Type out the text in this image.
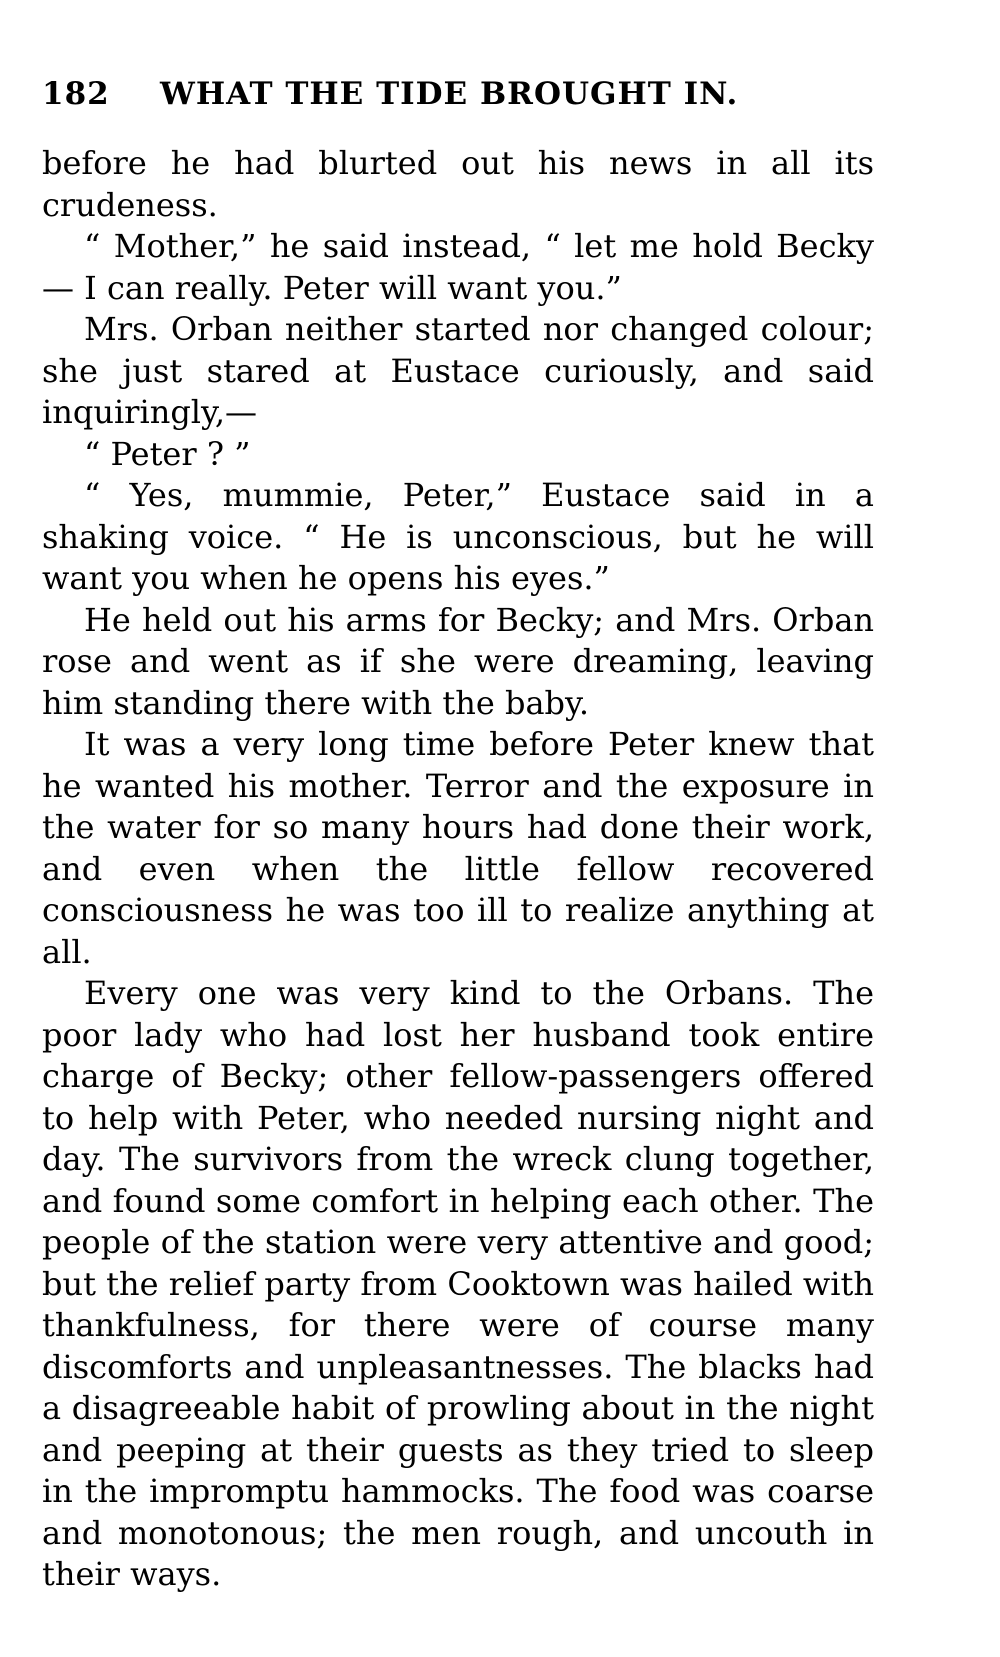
182 WHAT THE TIDE BROUGHT IN.

before he had blurted out his news in all its crudeness.

“ Mother,” he said instead, “ let me hold Becky— I can really. Peter will want you.”

Mrs. Orban neither started nor changed colour; she just stared at Eustace curiously, and said inquiringly,—

“ Peter ? ”

“ Yes, mummie, Peter,” Eustace said in a shaking voice. “ He is unconscious, but he will want you when he opens his eyes.”

He held out his arms for Becky; and Mrs. Orban rose and went as if she were dreaming, leaving him standing there with the baby.

It was a very long time before Peter knew that he wanted his mother. Terror and the exposure in the water for so many hours had done their work, and even when the little fellow recovered consciousness he was too ill to realize anything at all.

Every one was very kind to the Orbans. The poor lady who had lost her husband took entire charge of Becky; other fellow-passengers offered to help with Peter, who needed nursing night and day. The survivors from the wreck clung together, and found some comfort in helping each other. The people of the station were very attentive and good; but the relief party from Cooktown was hailed with thankfulness, for there were of course many discomforts and unpleasantnesses. The blacks had a disagreeable habit of prowling about in the night and peeping at their guests as they tried to sleep in the impromptu hammocks. The food was coarse and monotonous; the men rough, and uncouth in their ways.
